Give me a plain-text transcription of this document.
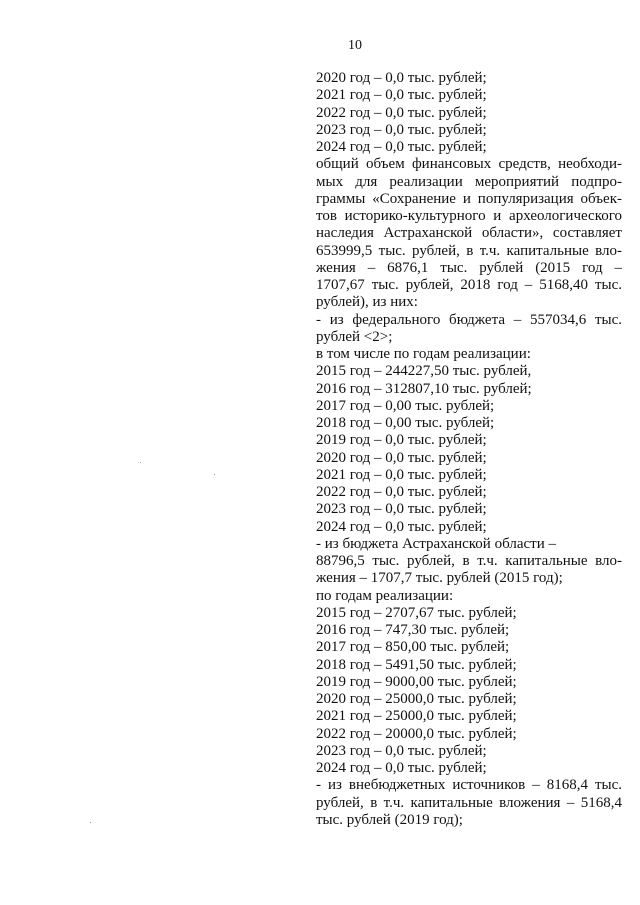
10
2020 год – 0,0 тыс. рублей;
2021 год – 0,0 тыс. рублей;
2022 год – 0,0 тыс. рублей;
2023 год – 0,0 тыс. рублей;
2024 год – 0,0 тыс. рублей;
общий объем финансовых средств, необходи-
мых для реализации мероприятий подпро-
граммы «Сохранение и популяризация объек-
тов историко-культурного и археологического
наследия Астраханской области», составляет
653999,5 тыс. рублей, в т.ч. капитальные вло-
жения – 6876,1 тыс. рублей (2015 год –
1707,67 тыс. рублей, 2018 год – 5168,40 тыс.
рублей), из них:
- из федерального бюджета – 557034,6 тыс.
рублей <2>;
в том числе по годам реализации:
2015 год – 244227,50 тыс. рублей,
2016 год – 312807,10 тыс. рублей;
2017 год – 0,00 тыс. рублей;
2018 год – 0,00 тыс. рублей;
2019 год – 0,0 тыс. рублей;
2020 год – 0,0 тыс. рублей;
2021 год – 0,0 тыс. рублей;
2022 год – 0,0 тыс. рублей;
2023 год – 0,0 тыс. рублей;
2024 год – 0,0 тыс. рублей;
- из бюджета Астраханской области –
88796,5 тыс. рублей, в т.ч. капитальные вло-
жения – 1707,7 тыс. рублей (2015 год);
по годам реализации:
2015 год – 2707,67 тыс. рублей;
2016 год – 747,30 тыс. рублей;
2017 год – 850,00 тыс. рублей;
2018 год – 5491,50 тыс. рублей;
2019 год – 9000,00 тыс. рублей;
2020 год – 25000,0 тыс. рублей;
2021 год – 25000,0 тыс. рублей;
2022 год – 20000,0 тыс. рублей;
2023 год – 0,0 тыс. рублей;
2024 год – 0,0 тыс. рублей;
- из внебюджетных источников – 8168,4 тыс.
рублей, в т.ч. капитальные вложения – 5168,4
тыс. рублей (2019 год);
